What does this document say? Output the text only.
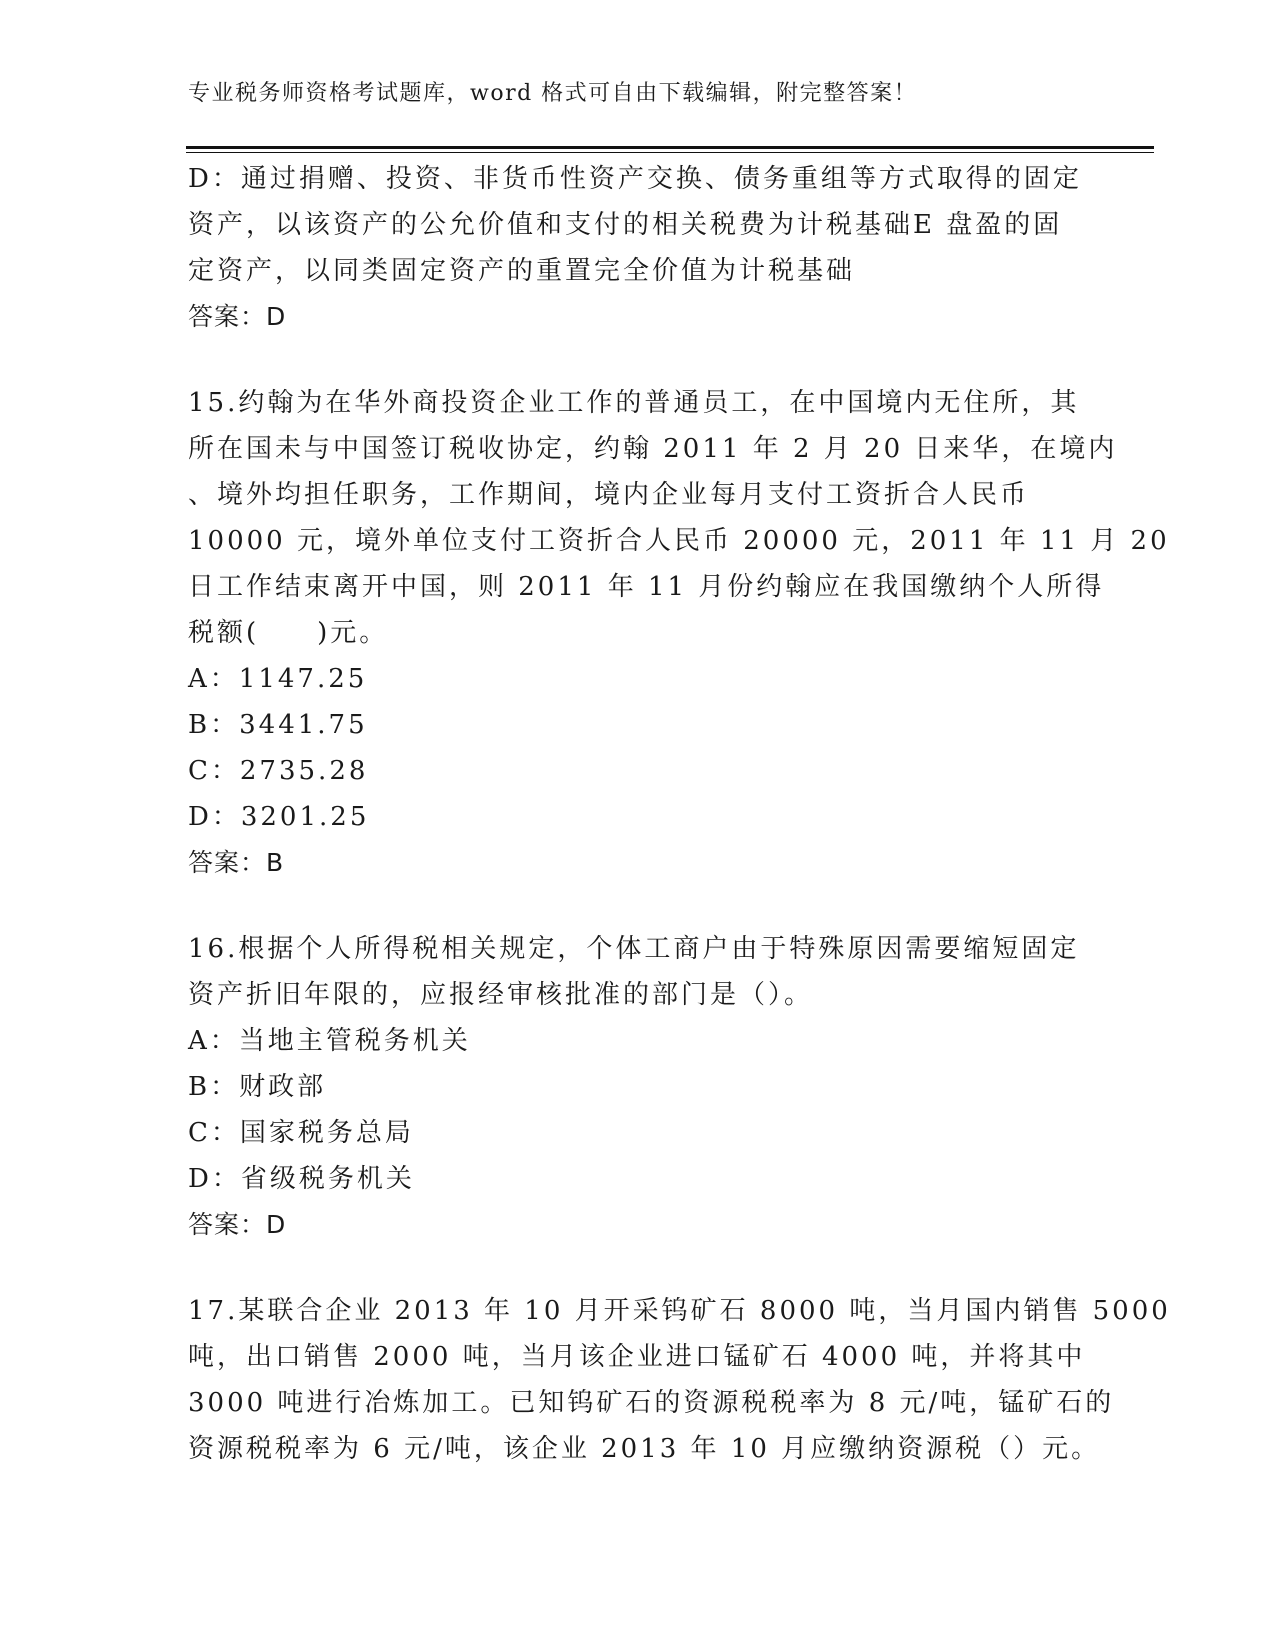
专业税务师资格考试题库，word 格式可自由下载编辑，附完整答案！
D：通过捐赠、投资、非货币性资产交换、债务重组等方式取得的固定
资产，以该资产的公允价值和支付的相关税费为计税基础E 盘盈的固
定资产，以同类固定资产的重置完全价值为计税基础
答案：D
15.约翰为在华外商投资企业工作的普通员工，在中国境内无住所，其
所在国未与中国签订税收协定，约翰 2011 年 2 月 20 日来华，在境内
、境外均担任职务，工作期间，境内企业每月支付工资折合人民币
10000 元，境外单位支付工资折合人民币 20000 元，2011 年 11 月 20
日工作结束离开中国，则 2011 年 11 月份约翰应在我国缴纳个人所得
税额(　　)元。
A：1147.25
B：3441.75
C：2735.28
D：3201.25
答案：B
16.根据个人所得税相关规定，个体工商户由于特殊原因需要缩短固定
资产折旧年限的，应报经审核批准的部门是（）。
A：当地主管税务机关
B：财政部
C：国家税务总局
D：省级税务机关
答案：D
17.某联合企业 2013 年 10 月开采钨矿石 8000 吨，当月国内销售 5000
吨，出口销售 2000 吨，当月该企业进口锰矿石 4000 吨，并将其中
3000 吨进行冶炼加工。已知钨矿石的资源税税率为 8 元/吨，锰矿石的
资源税税率为 6 元/吨，该企业 2013 年 10 月应缴纳资源税（）元。
